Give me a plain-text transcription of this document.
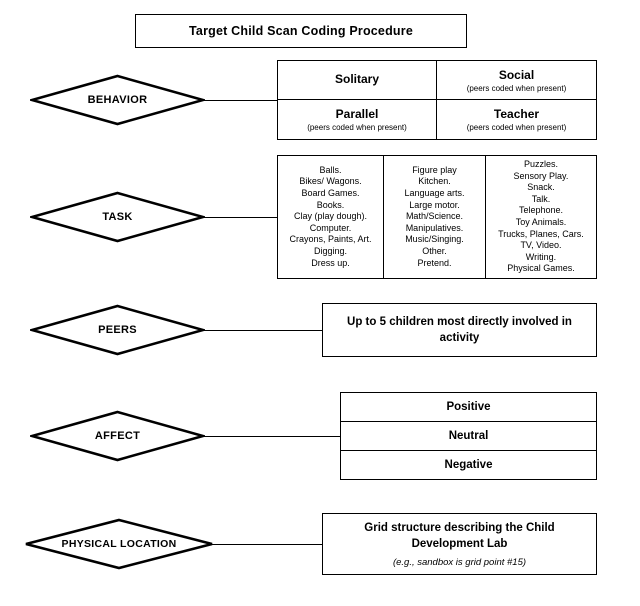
Target Child Scan Coding Procedure
BEHAVIOR
Solitary	Social
(peers coded when present)
Parallel
(peers coded when present)
Teacher
(peers coded when present)
TASK
Balls.
Bikes/ Wagons.
Board Games.
Books.
Clay (play dough).
Computer.
Crayons, Paints, Art.
Digging.
Dress up.
Figure play
Kitchen.
Language arts.
Large motor.
Math/Science.
Manipulatives.
Music/Singing.
Other.
Pretend.
Puzzles.
Sensory Play.
Snack.
Talk.
Telephone.
Toy Animals.
Trucks, Planes, Cars.
TV, Video.
Writing.
Physical Games.
PEERS
Up to 5 children most directly involved in activity
AFFECT
Positive
Neutral
Negative
PHYSICAL LOCATION
Grid structure describing the Child Development Lab
(e.g., sandbox is grid point #15)
